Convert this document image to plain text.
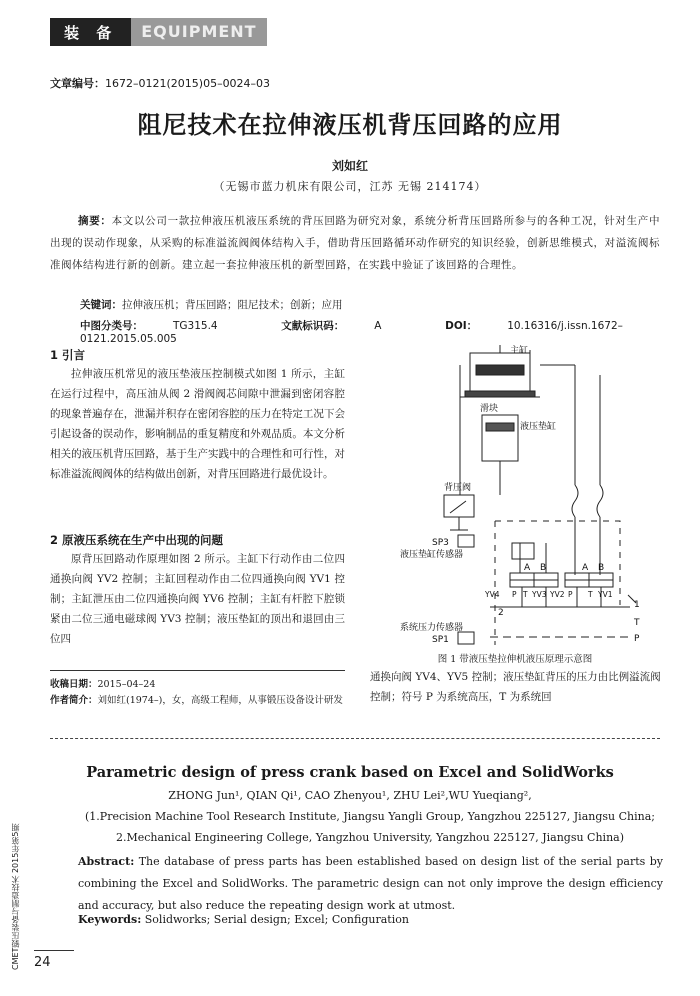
装 备	EQUIPMENT
文章编号：1672–0121(2015)05–0024–03
阻尼技术在拉伸液压机背压回路的应用
刘如红
（无锡市蓝力机床有限公司，江苏 无锡 214174）
摘要：本文以公司一款拉伸液压机液压系统的背压回路为研究对象，系统分析背压回路所参与的各种工况，针对生产中出现的误动作现象，从采购的标准溢流阀阀体结构入手，借助背压回路循环动作研究的知识经验，创新思维模式，对溢流阀标准阀体结构进行新的创新。建立起一套拉伸液压机的新型回路，在实践中验证了该回路的合理性。
关键词：拉伸液压机；背压回路；阻尼技术；创新；应用
中图分类号：	TG315.4	文献标识码：	A	DOI：	10.16316/j.issn.1672–0121.2015.05.005
1 引言
拉伸液压机常见的液压垫液压控制模式如图 1 所示，主缸在运行过程中，高压油从阀 2 滑阀阀芯间隙中泄漏到密闭容腔的现象普遍存在，泄漏并积存在密闭容腔的压力在特定工况下会引起设备的误动作，影响制品的重复精度和外观品质。本文分析相关的液压机背压回路，基于生产实践中的合理性和可行性，对标准溢流阀阀体的结构做出创新，对背压回路进行最优设计。
2 原液压系统在生产中出现的问题
原背压回路动作原理如图 2 所示。主缸下行动作由二位四通换向阀 YV2 控制；主缸回程动作由二位四通换向阀 YV1 控制；主缸泄压由二位四通换向阀 YV6 控制；主缸有杆腔下腔锁紧由二位三通电磁球阀 YV3 控制；液压垫缸的顶出和退回由三位四
收稿日期：2015–04–24
作者简介：刘如红(1974–)，女，高级工程师，从事锻压设备设计研发
通换向阀 YV4、YV5 控制；液压垫缸背压的压力由比例溢流阀控制；符号 P 为系统高压，T 为系统回
主缸
滑块
液压垫缸
背压阀
SP3
液压垫缸传感器
系统压力传感器
SP1
A B	A B
YV4 P T YV3 YV2 P T YV1
1
2
T
P
图 1 带液压垫拉伸机液压原理示意图
Parametric design of press crank based on Excel and SolidWorks
ZHONG Jun¹, QIAN Qi¹, CAO Zhenyou¹, ZHU Lei²,WU Yueqiang²,
(1.Precision Machine Tool Research Institute, Jiangsu Yangli Group, Yangzhou 225127, Jiangsu China;
2.Mechanical Engineering College, Yangzhou University, Yangzhou 225127, Jiangsu China)
Abstract: The database of press parts has been established based on design list of the serial parts by combining the Excel and SolidWorks. The parametric design can not only improve the design efficiency and accuracy, but also reduce the repeating design work at utmost.
Keywords: Solidworks; Serial design; Excel; Configuration
CMET锻压装备与制造技术 2015年第5期	24
